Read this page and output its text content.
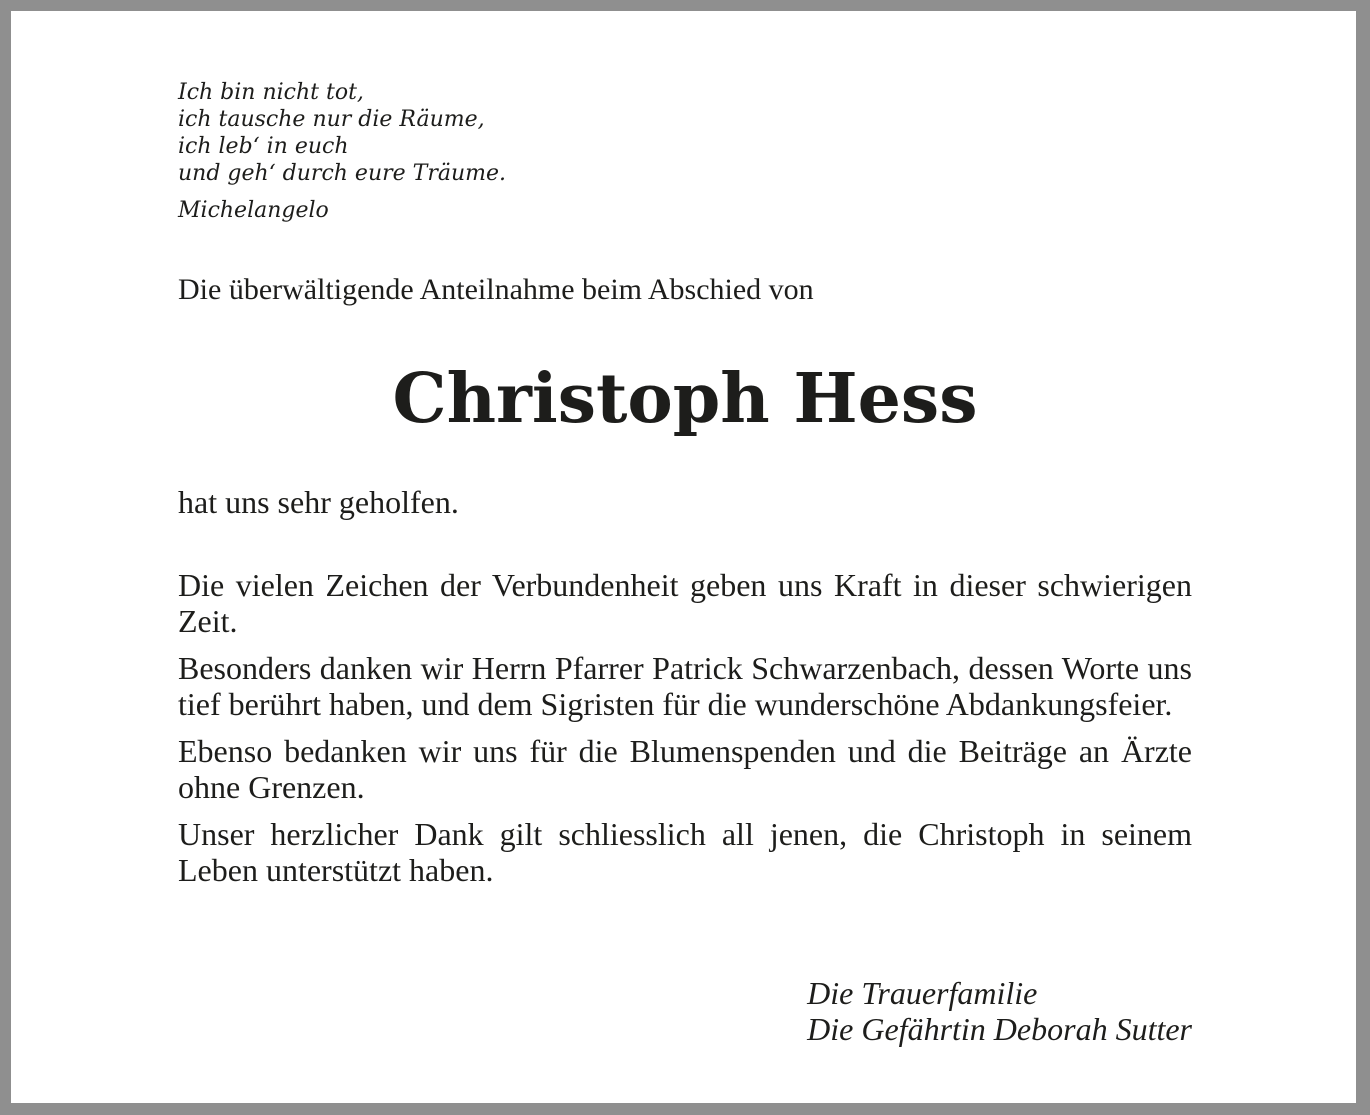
Ich bin nicht tot,
ich tausche nur die Räume,
ich leb‘ in euch
und geh‘ durch eure Träume.
Michelangelo
Die überwältigende Anteilnahme beim Abschied von
Christoph Hess
hat uns sehr geholfen.

Die vielen Zeichen der Verbundenheit geben uns Kraft in dieser schwierigen Zeit.

Besonders danken wir Herrn Pfarrer Patrick Schwarzenbach, dessen Worte uns tief berührt haben, und dem Sigristen für die wunderschöne Abdankungsfeier.

Ebenso bedanken wir uns für die Blumenspenden und die Beiträge an Ärzte ohne Grenzen.

Unser herzlicher Dank gilt schliesslich all jenen, die Christoph in seinem Leben unterstützt haben.

Die Trauerfamilie
Die Gefährtin Deborah Sutter
